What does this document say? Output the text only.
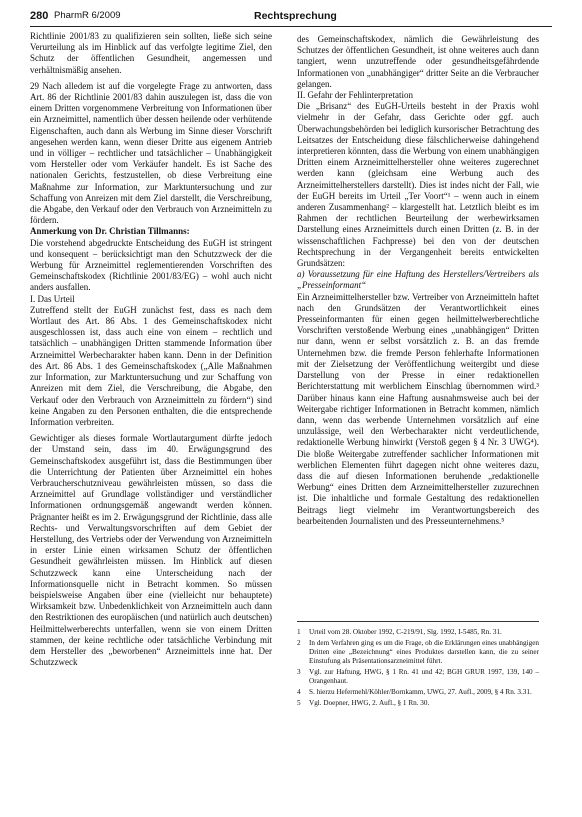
280 PharmR 6/2009	Rechtsprechung

Richtlinie 2001/83 zu qualifizieren sein sollten, ließe sich seine Verurteilung als im Hinblick auf das verfolgte legitime Ziel, den Schutz der öffentlichen Gesundheit, angemessen und verhältnismäßig ansehen.

29 Nach alledem ist auf die vorgelegte Frage zu antworten, dass Art. 86 der Richtlinie 2001/83 dahin auszulegen ist, dass die von einem Dritten vorgenommene Verbreitung von Informationen über ein Arzneimittel, namentlich über dessen heilende oder verhütende Eigenschaften, auch dann als Werbung im Sinne dieser Vorschrift angesehen werden kann, wenn dieser Dritte aus eigenem Antrieb und in völliger – rechtlicher und tatsächlicher – Unabhängigkeit vom Hersteller oder vom Verkäufer handelt. Es ist Sache des nationalen Gerichts, festzustellen, ob diese Verbreitung eine Maßnahme zur Information, zur Marktuntersuchung und zur Schaffung von Anreizen mit dem Ziel darstellt, die Verschreibung, die Abgabe, den Verkauf oder den Verbrauch von Arzneimitteln zu fördern.

Anmerkung von Dr. Christian Tillmanns:

Die vorstehend abgedruckte Entscheidung des EuGH ist stringent und konsequent – berücksichtigt man den Schutzzweck der die Werbung für Arzneimittel reglementierenden Vorschriften des Gemeinschaftskodex (Richtlinie 2001/83/EG) – wohl auch nicht anders ausfallen.

I. Das Urteil

Zutreffend stellt der EuGH zunächst fest, dass es nach dem Wortlaut des Art. 86 Abs. 1 des Gemeinschaftskodex nicht ausgeschlossen ist, dass auch eine von einem – rechtlich und tatsächlich – unabhängigen Dritten stammende Information über Arzneimittel Werbecharakter haben kann. Denn in der Definition des Art. 86 Abs. 1 des Gemeinschaftskodex („Alle Maßnahmen zur Information, zur Marktuntersuchung und zur Schaffung von Anreizen mit dem Ziel, die Verschreibung, die Abgabe, den Verkauf oder den Verbrauch von Arzneimitteln zu fördern“) sind keine Angaben zu den Personen enthalten, die die entsprechende Information verbreiten.

Gewichtiger als dieses formale Wortlautargument dürfte jedoch der Umstand sein, dass im 40. Erwägungsgrund des Gemeinschaftskodex ausgeführt ist, dass die Bestimmungen über die Unterrichtung der Patienten über Arzneimittel ein hohes Verbraucherschutzniveau gewährleisten müssen, so dass die Arzneimittel auf Grundlage vollständiger und verständlicher Informationen ordnungsgemäß angewandt werden können. Prägnanter heißt es im 2. Erwägungsgrund der Richtlinie, dass alle Rechts- und Verwaltungsvorschriften auf dem Gebiet der Herstellung, des Vertriebs oder der Verwendung von Arzneimitteln in erster Linie einen wirksamen Schutz der öffentlichen Gesundheit gewährleisten müssen. Im Hinblick auf diesen Schutzzweck kann eine Unterscheidung nach der Informationsquelle nicht in Betracht kommen. So müssen beispielsweise Angaben über eine (vielleicht nur behauptete) Wirksamkeit bzw. Unbedenklichkeit von Arzneimitteln auch dann den Restriktionen des europäischen (und natürlich auch deutschen) Heilmittelwerberechts unterfallen, wenn sie von einem Dritten stammen, der keine rechtliche oder tatsächliche Verbindung mit dem Hersteller des „beworbenen“ Arzneimittels inne hat. Der Schutzzweck

des Gemeinschaftskodex, nämlich die Gewährleistung des Schutzes der öffentlichen Gesundheit, ist ohne weiteres auch dann tangiert, wenn unzutreffende oder gesundheitsgefährdende Informationen von „unabhängiger“ dritter Seite an die Verbraucher gelangen.

II. Gefahr der Fehlinterpretation

Die „Brisanz“ des EuGH-Urteils besteht in der Praxis wohl vielmehr in der Gefahr, dass Gerichte oder ggf. auch Überwachungsbehörden bei lediglich kursorischer Betrachtung des Leitsatzes der Entscheidung diese fälschlicherweise dahingehend interpretieren könnten, dass die Werbung von einem unabhängigen Dritten einem Arzneimittelhersteller ohne weiteres zugerechnet werden kann (gleichsam eine Werbung auch des Arzneimittelherstellers darstellt). Dies ist indes nicht der Fall, wie der EuGH bereits im Urteil „Ter Voort“¹ – wenn auch in einem anderen Zusammenhang² – klargestellt hat. Letztlich bleibt es im Rahmen der rechtlichen Beurteilung der werbewirksamen Darstellung eines Arzneimittels durch einen Dritten (z. B. in der wissenschaftlichen Fachpresse) bei den von der deutschen Rechtsprechung in der Vergangenheit bereits entwickelten Grundsätzen:

a) Voraussetzung für eine Haftung des Herstellers/Vertreibers als „Presseinformant“

Ein Arzneimittelhersteller bzw. Vertreiber von Arzneimitteln haftet nach den Grundsätzen der Verantwortlichkeit eines Presseinformanten für einen gegen heilmittelwerberechtliche Vorschriften verstoßende Werbung eines „unabhängigen“ Dritten nur dann, wenn er selbst vorsätzlich z. B. an das fremde Unternehmen bzw. die fremde Person fehlerhafte Informationen mit der Zielsetzung der Veröffentlichung weitergibt und diese Darstellung von der Presse in einer redaktionellen Berichterstattung mit werblichem Einschlag übernommen wird.³ Darüber hinaus kann eine Haftung ausnahmsweise auch bei der Weitergabe richtiger Informationen in Betracht kommen, nämlich dann, wenn das werbende Unternehmen vorsätzlich auf eine unzulässige, weil den Werbecharakter nicht verdeutlichende, redaktionelle Werbung hinwirkt (Verstoß gegen § 4 Nr. 3 UWG⁴). Die bloße Weitergabe zutreffender sachlicher Informationen mit werblichen Elementen führt dagegen nicht ohne weiteres dazu, dass die auf diesen Informationen beruhende „redaktionelle Werbung“ eines Dritten dem Arzneimittelhersteller zuzurechnen ist. Die inhaltliche und formale Gestaltung des redaktionellen Beitrags liegt vielmehr im Verantwortungsbereich des bearbeitenden Journalisten und des Presseunternehmens.⁵

1	Urteil vom 28. Oktober 1992, C-219/91, Slg. 1992, I-5485, Rn. 31.
2	In dem Verfahren ging es um die Frage, ob die Erklärungen eines unabhängigen Dritten eine „Bezeichnung“ eines Produktes darstellen kann, die zu seiner Einstufung als Präsentationsarzneimittel führt.
3	Vgl. zur Haftung, HWG, § 1 Rn. 41 und 42; BGH GRUR 1997, 139, 140 – Orangenhaut.
4	S. hierzu Hefermehl/Köhler/Bornkamm, UWG, 27. Aufl., 2009, § 4 Rn. 3.31.
5	Vgl. Doepner, HWG, 2. Aufl., § 1 Rn. 30.
